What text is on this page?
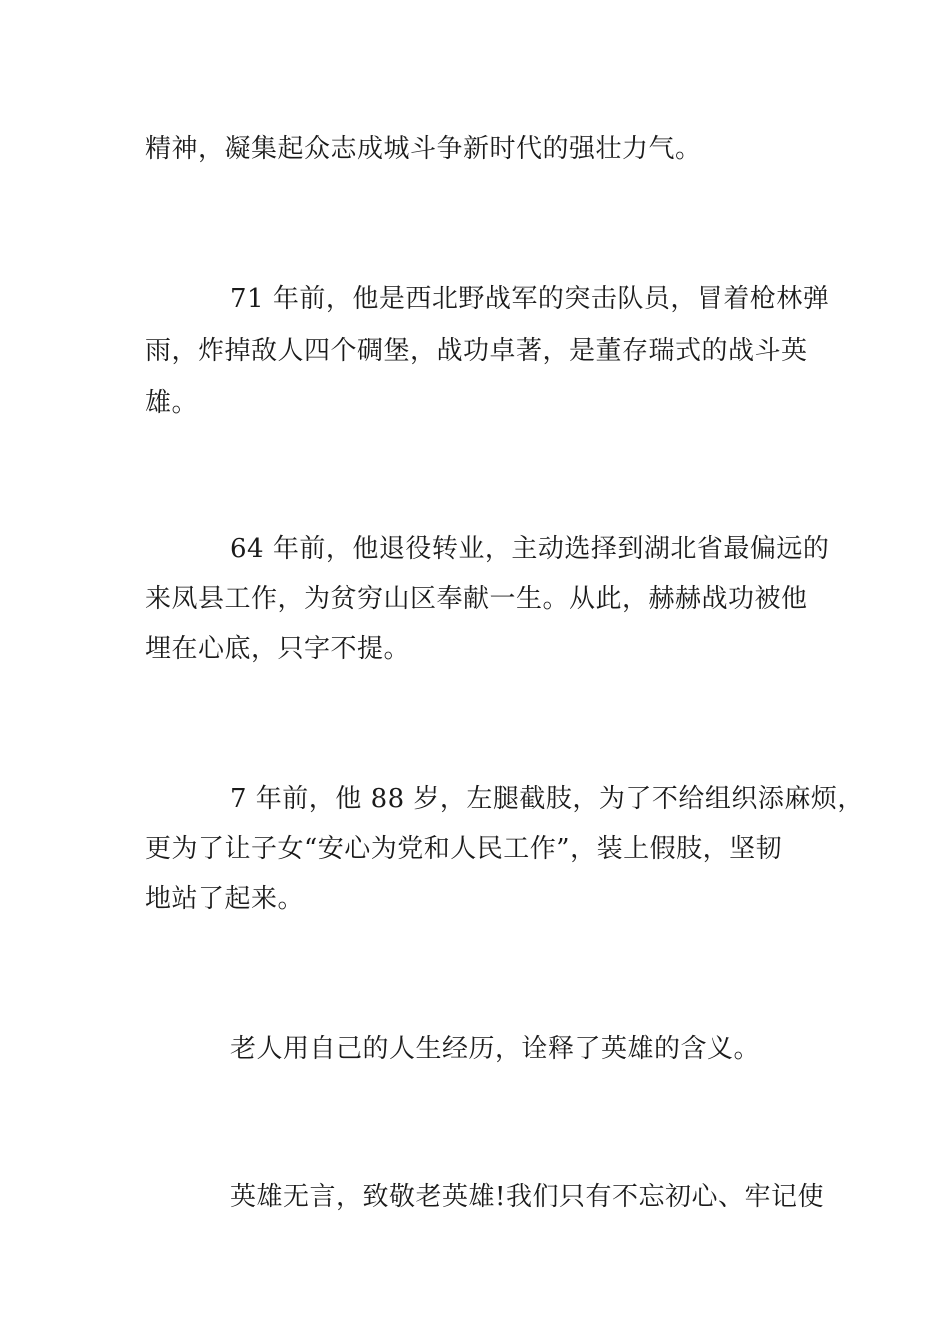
精神，凝集起众志成城斗争新时代的强壮力气。
71 年前，他是西北野战军的突击队员，冒着枪林弹
雨，炸掉敌人四个碉堡，战功卓著，是董存瑞式的战斗英
雄。
64 年前，他退役转业，主动选择到湖北省最偏远的
来凤县工作，为贫穷山区奉献一生。从此，赫赫战功被他
埋在心底，只字不提。
7 年前，他 88 岁，左腿截肢，为了不给组织添麻烦，
更为了让子女“安心为党和人民工作”，装上假肢，坚韧
地站了起来。
老人用自己的人生经历，诠释了英雄的含义。
英雄无言，致敬老英雄!我们只有不忘初心、牢记使
